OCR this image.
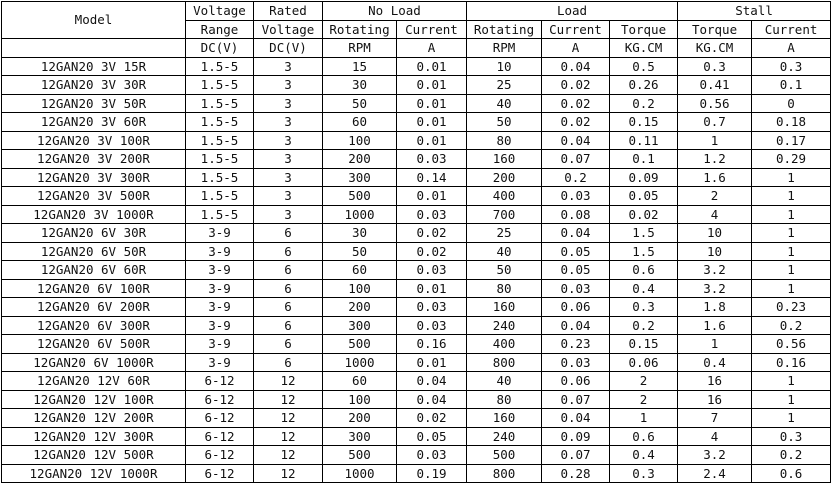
Model	Voltage	Rated	No Load		Load			Stall	
	Range	Voltage	Rotating	Current	Rotating	Current	Torque	Torque	Current
	DC(V)	DC(V)	RPM	A	RPM	A	KG.CM	KG.CM	A
12GAN20 3V 15R	1.5-5	3	15	0.01	10	0.04	0.5	0.3	0.3
12GAN20 3V 30R	1.5-5	3	30	0.01	25	0.02	0.26	0.41	0.1
12GAN20 3V 50R	1.5-5	3	50	0.01	40	0.02	0.2	0.56	0
12GAN20 3V 60R	1.5-5	3	60	0.01	50	0.02	0.15	0.7	0.18
12GAN20 3V 100R	1.5-5	3	100	0.01	80	0.04	0.11	1	0.17
12GAN20 3V 200R	1.5-5	3	200	0.03	160	0.07	0.1	1.2	0.29
12GAN20 3V 300R	1.5-5	3	300	0.14	200	0.2	0.09	1.6	1
12GAN20 3V 500R	1.5-5	3	500	0.01	400	0.03	0.05	2	1
12GAN20 3V 1000R	1.5-5	3	1000	0.03	700	0.08	0.02	4	1
12GAN20 6V 30R	3-9	6	30	0.02	25	0.04	1.5	10	1
12GAN20 6V 50R	3-9	6	50	0.02	40	0.05	1.5	10	1
12GAN20 6V 60R	3-9	6	60	0.03	50	0.05	0.6	3.2	1
12GAN20 6V 100R	3-9	6	100	0.01	80	0.03	0.4	3.2	1
12GAN20 6V 200R	3-9	6	200	0.03	160	0.06	0.3	1.8	0.23
12GAN20 6V 300R	3-9	6	300	0.03	240	0.04	0.2	1.6	0.2
12GAN20 6V 500R	3-9	6	500	0.16	400	0.23	0.15	1	0.56
12GAN20 6V 1000R	3-9	6	1000	0.01	800	0.03	0.06	0.4	0.16
12GAN20 12V 60R	6-12	12	60	0.04	40	0.06	2	16	1
12GAN20 12V 100R	6-12	12	100	0.04	80	0.07	2	16	1
12GAN20 12V 200R	6-12	12	200	0.02	160	0.04	1	7	1
12GAN20 12V 300R	6-12	12	300	0.05	240	0.09	0.6	4	0.3
12GAN20 12V 500R	6-12	12	500	0.03	500	0.07	0.4	3.2	0.2
12GAN20 12V 1000R	6-12	12	1000	0.19	800	0.28	0.3	2.4	0.6
